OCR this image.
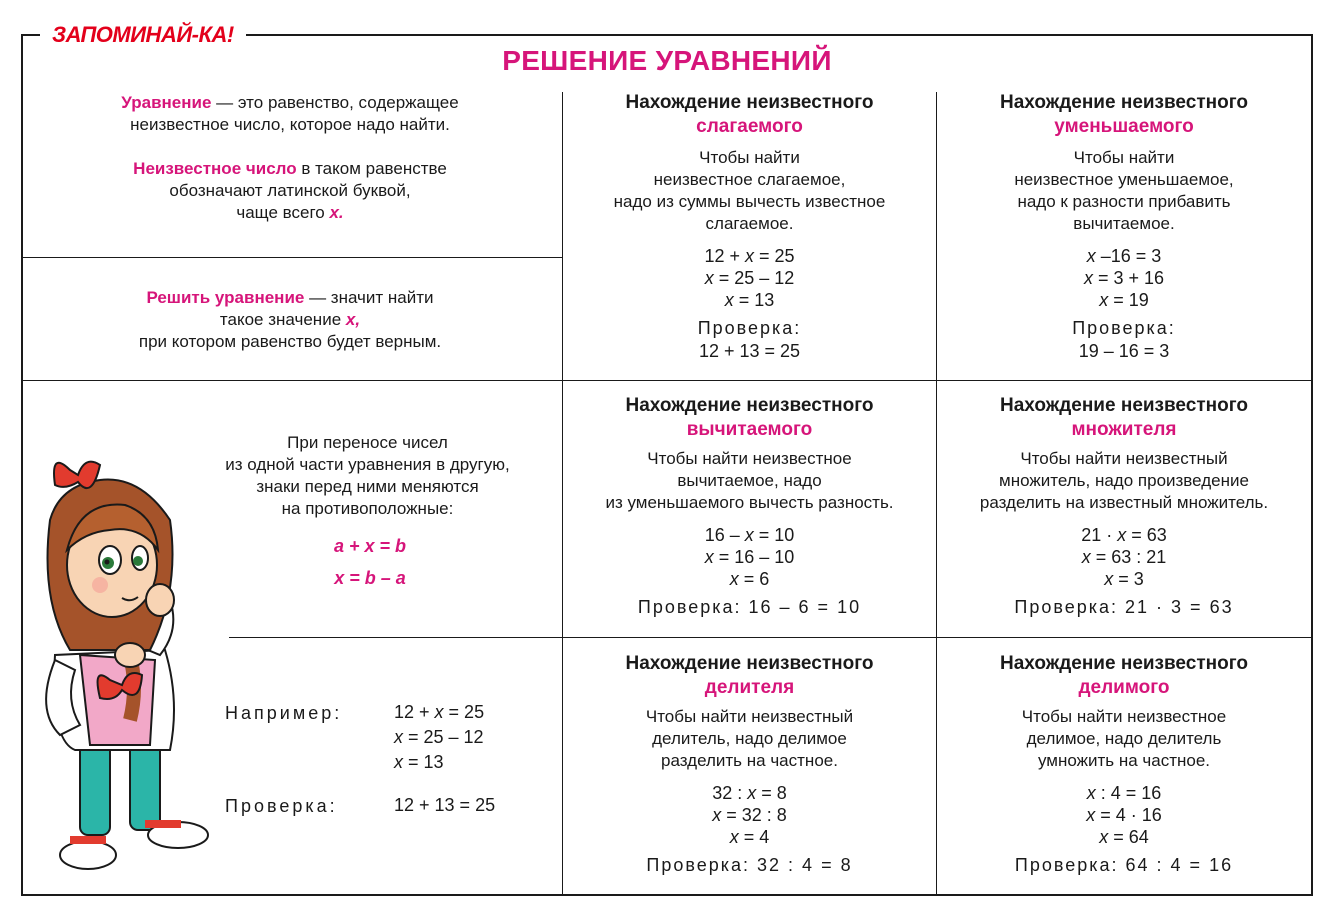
ЗАПОМИНАЙ-КА!
РЕШЕНИЕ УРАВНЕНИЙ
Уравнение — это равенство, содержащее
неизвестное число, которое надо найти.
Неизвестное число в таком равенстве
обозначают латинской буквой,
чаще всего x.
Решить уравнение — значит найти
такое значение x,
при котором равенство будет верным.
При переносе чисел
из одной части уравнения в другую,
знаки перед ними меняются
на противоположные:
a + x = b
x = b – a
Например:	12 + x = 25
x = 25 – 12
x = 13
Проверка:	12 + 13 = 25
Нахождение неизвестного
слагаемого
Чтобы найти
неизвестное слагаемое,
надо из суммы вычесть известное
слагаемое.
12 + x = 25
x = 25 – 12
x = 13
Проверка:
12 + 13 = 25
Нахождение неизвестного
уменьшаемого
Чтобы найти
неизвестное уменьшаемое,
надо к разности прибавить
вычитаемое.
x –16 = 3
x = 3 + 16
x = 19
Проверка:
19 – 16 = 3
Нахождение неизвестного
вычитаемого
Чтобы найти неизвестное
вычитаемое, надо
из уменьшаемого вычесть разность.
16 – x = 10
x = 16 – 10
x = 6
Проверка: 16 – 6 = 10
Нахождение неизвестного
множителя
Чтобы найти неизвестный
множитель, надо произведение
разделить на известный множитель.
21 · x = 63
x = 63 : 21
x = 3
Проверка: 21 · 3 = 63
Нахождение неизвестного
делителя
Чтобы найти неизвестный
делитель, надо делимое
разделить на частное.
32 : x = 8
x = 32 : 8
x = 4
Проверка: 32 : 4 = 8
Нахождение неизвестного
делимого
Чтобы найти неизвестное
делимое, надо делитель
умножить на частное.
x : 4 = 16
x = 4 · 16
x = 64
Проверка: 64 : 4 = 16
